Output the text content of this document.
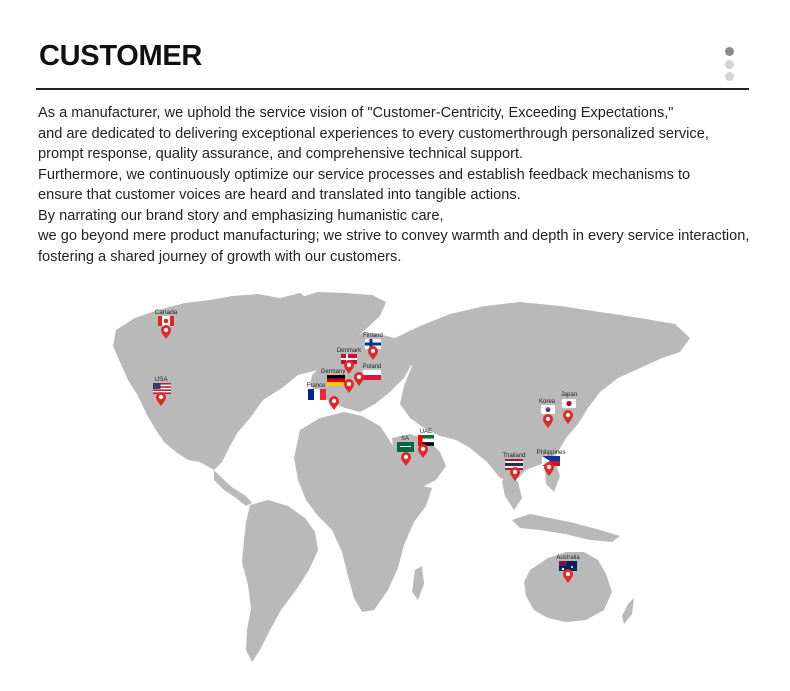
CUSTOMER
As a manufacturer, we uphold the service vision of "Customer-Centricity, Exceeding Expectations,"
and are dedicated to delivering exceptional experiences to every customerthrough personalized service,
prompt response, quality assurance, and comprehensive technical support.
Furthermore, we continuously optimize our service processes and establish feedback mechanisms to
ensure that customer voices are heard and translated into tangible actions.
By narrating our brand story and emphasizing humanistic care,
we go beyond mere product manufacturing; we strive to convey warmth and depth in every service interaction,
fostering a shared journey of growth with our customers.
Canada
USA
Finland
Denmark
Poland
Germany
France
Korea
Japan
SA
UAE
Thailand Philippines
Australia
